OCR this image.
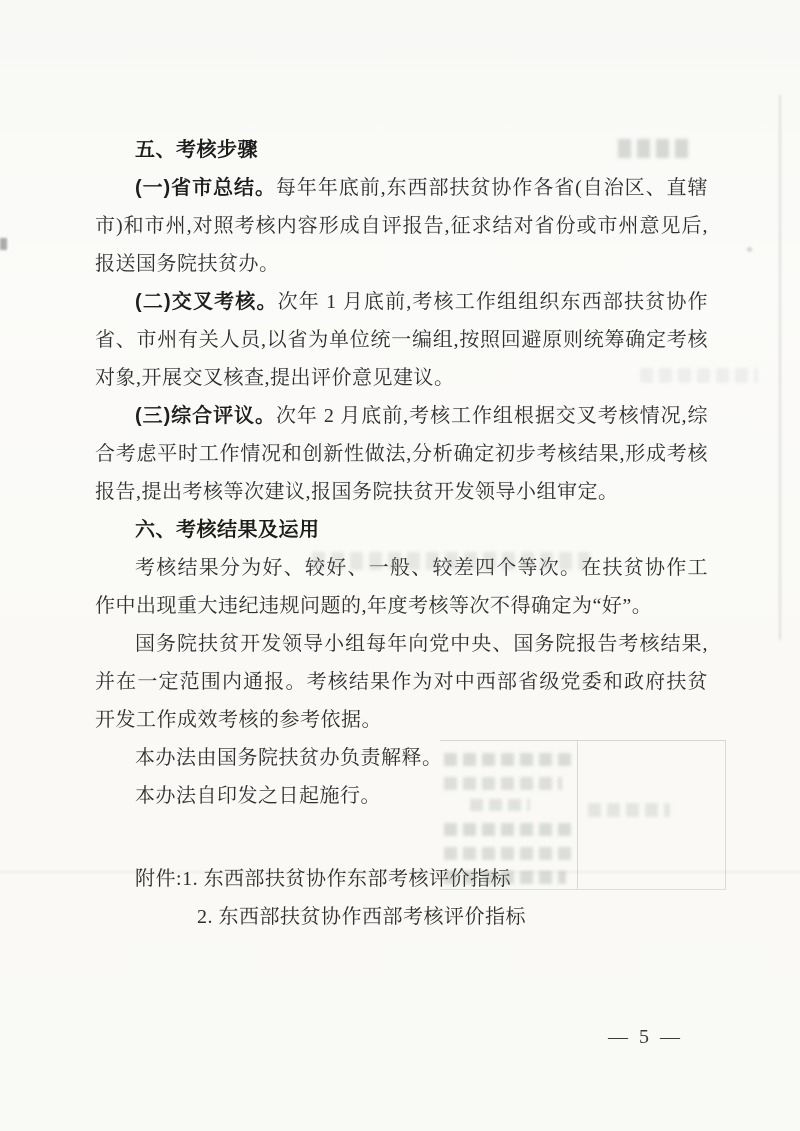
五、考核步骤

(一)省市总结。每年年底前,东西部扶贫协作各省(自治区、直辖市)和市州,对照考核内容形成自评报告,征求结对省份或市州意见后,报送国务院扶贫办。

(二)交叉考核。次年 1 月底前,考核工作组组织东西部扶贫协作省、市州有关人员,以省为单位统一编组,按照回避原则统筹确定考核对象,开展交叉核查,提出评价意见建议。

(三)综合评议。次年 2 月底前,考核工作组根据交叉考核情况,综合考虑平时工作情况和创新性做法,分析确定初步考核结果,形成考核报告,提出考核等次建议,报国务院扶贫开发领导小组审定。

六、考核结果及运用

考核结果分为好、较好、一般、较差四个等次。在扶贫协作工作中出现重大违纪违规问题的,年度考核等次不得确定为“好”。

国务院扶贫开发领导小组每年向党中央、国务院报告考核结果,并在一定范围内通报。考核结果作为对中西部省级党委和政府扶贫开发工作成效考核的参考依据。

本办法由国务院扶贫办负责解释。

本办法自印发之日起施行。

附件:1. 东西部扶贫协作东部考核评价指标

2. 东西部扶贫协作西部考核评价指标

— 5 —
